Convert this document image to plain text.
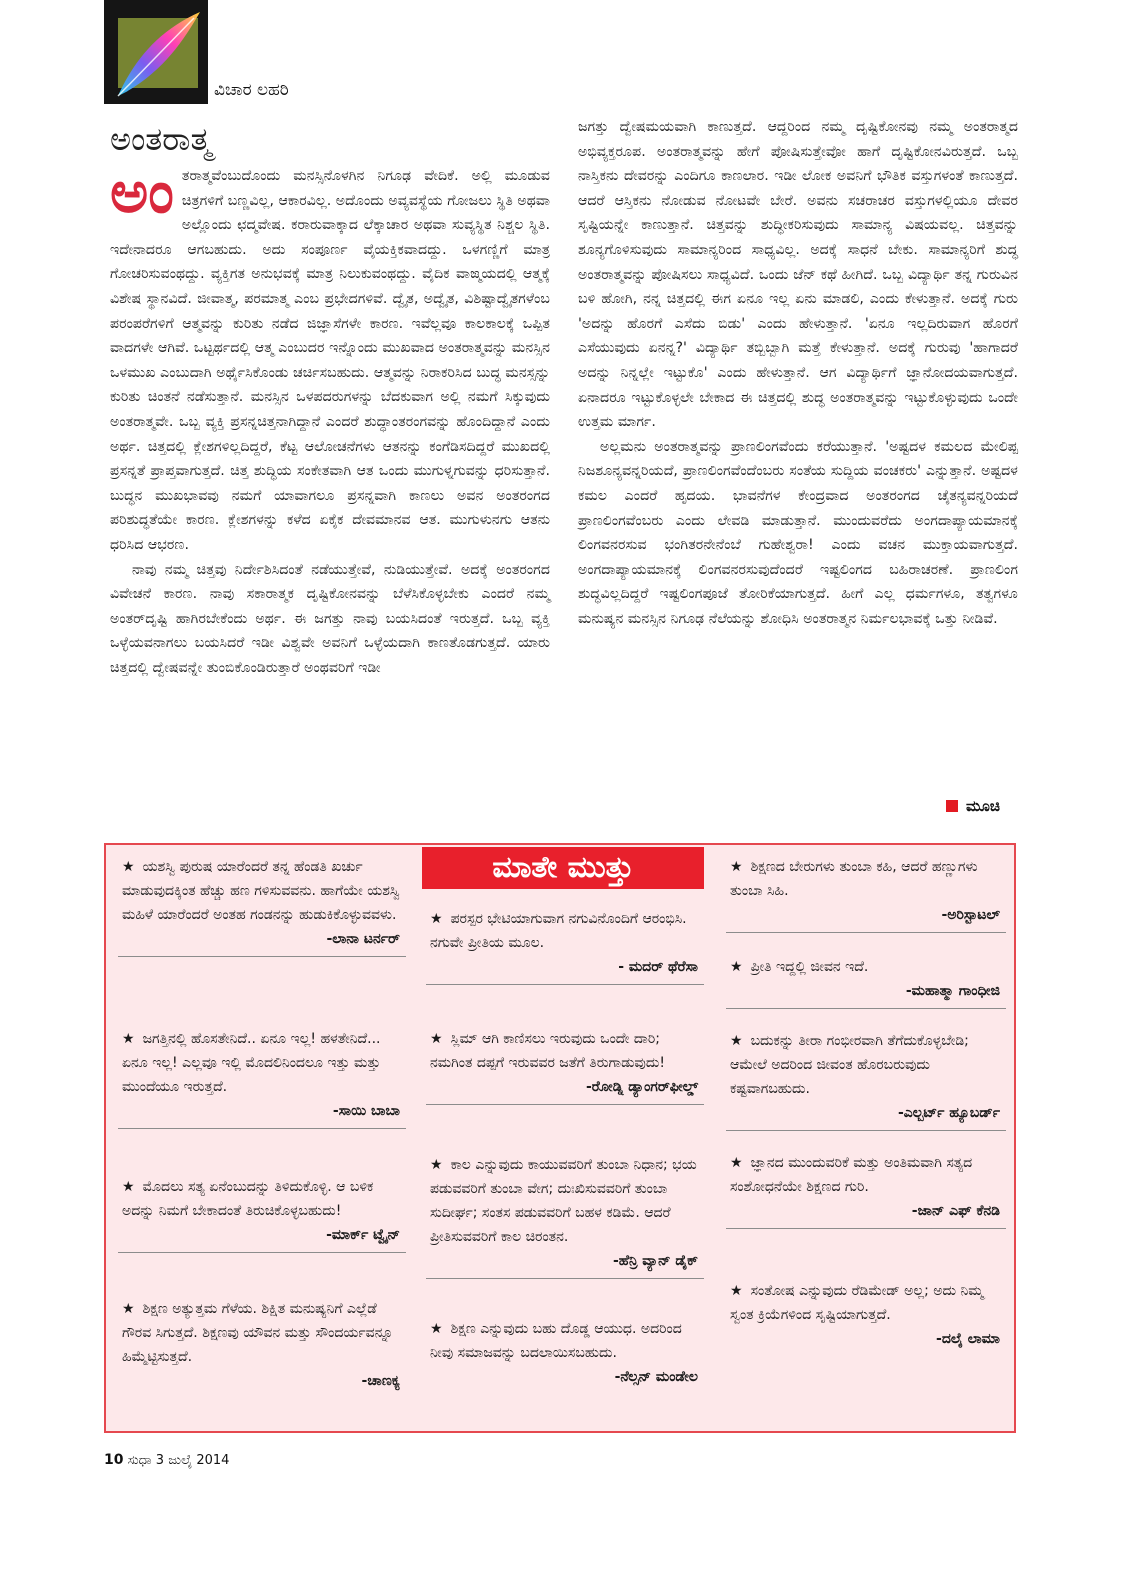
ವಿಚಾರ ಲಹರಿ
ಅಂತರಾತ್ಮ

ಅಂತರಾತ್ಮವೆಂಬುದೊಂದು ಮನಸ್ಸಿನೊಳಗಿನ ನಿಗೂಢ ವೇದಿಕೆ. ಅಲ್ಲಿ ಮೂಡುವ ಚಿತ್ರಗಳಿಗೆ ಬಣ್ಣವಿಲ್ಲ, ಆಕಾರವಿಲ್ಲ. ಅದೊಂದು ಅವ್ಯವಸ್ಥೆಯ ಗೋಜಲು ಸ್ಥಿತಿ ಅಥವಾ ಅಲ್ಲೊಂದು ಛದ್ಮವೇಷ. ಕರಾರುವಾಕ್ಕಾದ ಲೆಕ್ಕಾಚಾರ ಅಥವಾ ಸುವ್ಯಸ್ಥಿತ ನಿಶ್ಚಲ ಸ್ಥಿತಿ. ಇದೇನಾದರೂ ಆಗಬಹುದು. ಅದು ಸಂಪೂರ್ಣ ವೈಯಕ್ತಿಕವಾದದ್ದು. ಒಳಗಣ್ಣಿಗೆ ಮಾತ್ರ ಗೋಚರಿಸುವಂಥದ್ದು. ವ್ಯಕ್ತಿಗತ ಅನುಭವಕ್ಕೆ ಮಾತ್ರ ನಿಲುಕುವಂಥದ್ದು. ವೈದಿಕ ವಾಙ್ಮಯದಲ್ಲಿ ಆತ್ಮಕ್ಕೆ ವಿಶೇಷ ಸ್ಥಾನವಿದೆ. ಜೀವಾತ್ಮ, ಪರಮಾತ್ಮ ಎಂಬ ಪ್ರಭೇದಗಳಿವೆ. ದ್ವೈತ, ಅದ್ವೈತ, ವಿಶಿಷ್ಟಾದ್ವೈತಗಳೆಂಬ ಪರಂಪರೆಗಳಿಗೆ ಆತ್ಮವನ್ನು ಕುರಿತು ನಡೆದ ಜಿಜ್ಞಾಸೆಗಳೇ ಕಾರಣ. ಇವೆಲ್ಲವೂ ಕಾಲಕಾಲಕ್ಕೆ ಒಪ್ಪಿತ ವಾದಗಳೇ ಆಗಿವೆ. ಒಟ್ಟರ್ಥದಲ್ಲಿ ಆತ್ಮ ಎಂಬುದರ ಇನ್ನೊಂದು ಮುಖವಾದ ಅಂತರಾತ್ಮವನ್ನು ಮನಸ್ಸಿನ ಒಳಮುಖ ಎಂಬುದಾಗಿ ಅರ್ಥೈಸಿಕೊಂಡು ಚರ್ಚಿಸಬಹುದು. ಆತ್ಮವನ್ನು ನಿರಾಕರಿಸಿದ ಬುದ್ಧ ಮನಸ್ಸನ್ನು ಕುರಿತು ಚಿಂತನೆ ನಡೆಸುತ್ತಾನೆ. ಮನಸ್ಸಿನ ಒಳಪದರುಗಳನ್ನು ಬೆದಕುವಾಗ ಅಲ್ಲಿ ನಮಗೆ ಸಿಕ್ಕುವುದು ಅಂತರಾತ್ಮವೇ. ಒಬ್ಬ ವ್ಯಕ್ತಿ ಪ್ರಸನ್ನಚಿತ್ತನಾಗಿದ್ದಾನೆ ಎಂದರೆ ಶುದ್ಧಾಂತರಂಗವನ್ನು ಹೊಂದಿದ್ದಾನೆ ಎಂದು ಅರ್ಥ. ಚಿತ್ತದಲ್ಲಿ ಕ್ಲೇಶಗಳಿಲ್ಲದಿದ್ದರೆ, ಕೆಟ್ಟ ಆಲೋಚನೆಗಳು ಆತನನ್ನು ಕಂಗೆಡಿಸದಿದ್ದರೆ ಮುಖದಲ್ಲಿ ಪ್ರಸನ್ನತೆ ಪ್ರಾಪ್ತವಾಗುತ್ತದೆ. ಚಿತ್ತ ಶುದ್ಧಿಯ ಸಂಕೇತವಾಗಿ ಆತ ಒಂದು ಮುಗುಳ್ನಗುವನ್ನು ಧರಿಸುತ್ತಾನೆ. ಬುದ್ಧನ ಮುಖಭಾವವು ನಮಗೆ ಯಾವಾಗಲೂ ಪ್ರಸನ್ನವಾಗಿ ಕಾಣಲು ಅವನ ಅಂತರಂಗದ ಪರಿಶುದ್ಧತೆಯೇ ಕಾರಣ. ಕ್ಲೇಶಗಳನ್ನು ಕಳೆದ ಏಕೈಕ ದೇವಮಾನವ ಆತ. ಮುಗುಳುನಗು ಆತನು ಧರಿಸಿದ ಆಭರಣ.

ನಾವು ನಮ್ಮ ಚಿತ್ತವು ನಿರ್ದೇಶಿಸಿದಂತೆ ನಡೆಯುತ್ತೇವೆ, ನುಡಿಯುತ್ತೇವೆ. ಅದಕ್ಕೆ ಅಂತರಂಗದ ವಿವೇಚನೆ ಕಾರಣ. ನಾವು ಸಕಾರಾತ್ಮಕ ದೃಷ್ಟಿಕೋನವನ್ನು ಬೆಳೆಸಿಕೊಳ್ಳಬೇಕು ಎಂದರೆ ನಮ್ಮ ಅಂತರ್‌ದೃಷ್ಟಿ ಹಾಗಿರಬೇಕೆಂದು ಅರ್ಥ. ಈ ಜಗತ್ತು ನಾವು ಬಯಸಿದಂತೆ ಇರುತ್ತದೆ. ಒಬ್ಬ ವ್ಯಕ್ತಿ ಒಳ್ಳೆಯವನಾಗಲು ಬಯಸಿದರೆ ಇಡೀ ವಿಶ್ವವೇ ಅವನಿಗೆ ಒಳ್ಳೆಯದಾಗಿ ಕಾಣತೊಡಗುತ್ತದೆ. ಯಾರು ಚಿತ್ತದಲ್ಲಿ ದ್ವೇಷವನ್ನೇ ತುಂಬಿಕೊಂಡಿರುತ್ತಾರೆ ಅಂಥವರಿಗೆ ಇಡೀ

ಜಗತ್ತು ದ್ವೇಷಮಯವಾಗಿ ಕಾಣುತ್ತದೆ. ಆದ್ದರಿಂದ ನಮ್ಮ ದೃಷ್ಟಿಕೋನವು ನಮ್ಮ ಅಂತರಾತ್ಮದ ಅಭಿವ್ಯಕ್ತರೂಪ. ಅಂತರಾತ್ಮವನ್ನು ಹೇಗೆ ಪೋಷಿಸುತ್ತೇವೋ ಹಾಗೆ ದೃಷ್ಟಿಕೋನವಿರುತ್ತದೆ. ಒಬ್ಬ ನಾಸ್ತಿಕನು ದೇವರನ್ನು ಎಂದಿಗೂ ಕಾಣಲಾರ. ಇಡೀ ಲೋಕ ಅವನಿಗೆ ಭೌತಿಕ ವಸ್ತುಗಳಂತೆ ಕಾಣುತ್ತದೆ. ಆದರೆ ಆಸ್ತಿಕನು ನೋಡುವ ನೋಟವೇ ಬೇರೆ. ಅವನು ಸಚರಾಚರ ವಸ್ತುಗಳಲ್ಲಿಯೂ ದೇವರ ಸೃಷ್ಟಿಯನ್ನೇ ಕಾಣುತ್ತಾನೆ. ಚಿತ್ತವನ್ನು ಶುದ್ಧೀಕರಿಸುವುದು ಸಾಮಾನ್ಯ ವಿಷಯವಲ್ಲ. ಚಿತ್ತವನ್ನು ಶೂನ್ಯಗೊಳಿಸುವುದು ಸಾಮಾನ್ಯರಿಂದ ಸಾಧ್ಯವಿಲ್ಲ. ಅದಕ್ಕೆ ಸಾಧನೆ ಬೇಕು. ಸಾಮಾನ್ಯರಿಗೆ ಶುದ್ಧ ಅಂತರಾತ್ಮವನ್ನು ಪೋಷಿಸಲು ಸಾಧ್ಯವಿದೆ. ಒಂದು ಜೆನ್ ಕಥೆ ಹೀಗಿದೆ. ಒಬ್ಬ ವಿದ್ಯಾರ್ಥಿ ತನ್ನ ಗುರುವಿನ ಬಳಿ ಹೋಗಿ, ನನ್ನ ಚಿತ್ತದಲ್ಲಿ ಈಗ ಏನೂ ಇಲ್ಲ ಏನು ಮಾಡಲಿ, ಎಂದು ಕೇಳುತ್ತಾನೆ. ಅದಕ್ಕೆ ಗುರು 'ಅದನ್ನು ಹೊರಗೆ ಎಸೆದು ಬಿಡು' ಎಂದು ಹೇಳುತ್ತಾನೆ. 'ಏನೂ ಇಲ್ಲದಿರುವಾಗ ಹೊರಗೆ ಎಸೆಯುವುದು ಏನನ್ನ?' ವಿದ್ಯಾರ್ಥಿ ತಬ್ಬಿಬ್ಬಾಗಿ ಮತ್ತೆ ಕೇಳುತ್ತಾನೆ. ಅದಕ್ಕೆ ಗುರುವು 'ಹಾಗಾದರೆ ಅದನ್ನು ನಿನ್ನಲ್ಲೇ ಇಟ್ಟುಕೊ' ಎಂದು ಹೇಳುತ್ತಾನೆ. ಆಗ ವಿದ್ಯಾರ್ಥಿಗೆ ಜ್ಞಾನೋದಯವಾಗುತ್ತದೆ. ಏನಾದರೂ ಇಟ್ಟುಕೊಳ್ಳಲೇ ಬೇಕಾದ ಈ ಚಿತ್ತದಲ್ಲಿ ಶುದ್ಧ ಅಂತರಾತ್ಮವನ್ನು ಇಟ್ಟುಕೊಳ್ಳುವುದು ಒಂದೇ ಉತ್ತಮ ಮಾರ್ಗ.

ಅಲ್ಲಮನು ಅಂತರಾತ್ಮವನ್ನು ಪ್ರಾಣಲಿಂಗವೆಂದು ಕರೆಯುತ್ತಾನೆ. 'ಅಷ್ಟದಳ ಕಮಲದ ಮೇಲಿಪ್ಪ ನಿಜಶೂನ್ಯವನ್ನರಿಯದೆ, ಪ್ರಾಣಲಿಂಗವೆಂದೆಂಬರು ಸಂತೆಯ ಸುದ್ದಿಯ ವಂಚಕರು' ಎನ್ನುತ್ತಾನೆ. ಅಷ್ಟದಳ ಕಮಲ ಎಂದರೆ ಹೃದಯ. ಭಾವನೆಗಳ ಕೇಂದ್ರವಾದ ಅಂತರಂಗದ ಚೈತನ್ಯವನ್ನರಿಯದೆ ಪ್ರಾಣಲಿಂಗವೆಂಬರು ಎಂದು ಲೇವಡಿ ಮಾಡುತ್ತಾನೆ. ಮುಂದುವರೆದು ಅಂಗದಾಪ್ಯಾಯಮಾನಕ್ಕೆ ಲಿಂಗವನರಸುವ ಭಂಗಿತರನೇನೆಂಬೆ ಗುಹೇಶ್ವರಾ! ಎಂದು ವಚನ ಮುಕ್ತಾಯವಾಗುತ್ತದೆ. ಅಂಗದಾಪ್ಯಾಯಮಾನಕ್ಕೆ ಲಿಂಗವನರಸುವುದೆಂದರೆ ಇಷ್ಟಲಿಂಗದ ಬಹಿರಾಚರಣೆ. ಪ್ರಾಣಲಿಂಗ ಶುದ್ಧವಿಲ್ಲದಿದ್ದರೆ ಇಷ್ಟಲಿಂಗಪೂಜೆ ತೋರಿಕೆಯಾಗುತ್ತದೆ. ಹೀಗೆ ಎಲ್ಲ ಧರ್ಮಗಳೂ, ತತ್ವಗಳೂ ಮನುಷ್ಯನ ಮನಸ್ಸಿನ ನಿಗೂಢ ನೆಲೆಯನ್ನು ಶೋಧಿಸಿ ಅಂತರಾತ್ಮನ ನಿರ್ಮಲಭಾವಕ್ಕೆ ಒತ್ತು ನೀಡಿವೆ.

ಮೂಚಿ
ಮಾತೇ ಮುತ್ತು
★ ಯಶಸ್ವಿ ಪುರುಷ ಯಾರೆಂದರೆ ತನ್ನ ಹೆಂಡತಿ ಖರ್ಚು ಮಾಡುವುದಕ್ಕಿಂತ ಹೆಚ್ಚು ಹಣ ಗಳಿಸುವವನು. ಹಾಗೆಯೇ ಯಶಸ್ವಿ ಮಹಿಳೆ ಯಾರೆಂದರೆ ಅಂತಹ ಗಂಡನನ್ನು ಹುಡುಕಿಕೊಳ್ಳುವವಳು.
-ಲಾನಾ ಟರ್ನರ್
★ ಜಗತ್ತಿನಲ್ಲಿ ಹೊಸತೇನಿದೆ.. ಏನೂ ಇಲ್ಲ! ಹಳತೇನಿದೆ... ಏನೂ ಇಲ್ಲ! ಎಲ್ಲವೂ ಇಲ್ಲಿ ಮೊದಲಿನಿಂದಲೂ ಇತ್ತು ಮತ್ತು ಮುಂದೆಯೂ ಇರುತ್ತದೆ.
-ಸಾಯಿ ಬಾಬಾ
★ ಮೊದಲು ಸತ್ಯ ಏನೆಂಬುದನ್ನು ತಿಳಿದುಕೊಳ್ಳಿ. ಆ ಬಳಿಕ ಅದನ್ನು ನಿಮಗೆ ಬೇಕಾದಂತೆ ತಿರುಚಿಕೊಳ್ಳಬಹುದು!
-ಮಾರ್ಕ್ ಟ್ವೈನ್
★ ಶಿಕ್ಷಣ ಅತ್ಯುತ್ತಮ ಗೆಳೆಯ. ಶಿಕ್ಷಿತ ಮನುಷ್ಯನಿಗೆ ಎಲ್ಲೆಡೆ ಗೌರವ ಸಿಗುತ್ತದೆ. ಶಿಕ್ಷಣವು ಯೌವನ ಮತ್ತು ಸೌಂದರ್ಯವನ್ನೂ ಹಿಮ್ಮೆಟ್ಟಿಸುತ್ತದೆ.
-ಚಾಣಕ್ಯ
★ ಪರಸ್ಪರ ಭೇಟಿಯಾಗುವಾಗ ನಗುವಿನೊಂದಿಗೆ ಆರಂಭಿಸಿ. ನಗುವೇ ಪ್ರೀತಿಯ ಮೂಲ.
- ಮದರ್ ಥೆರೆಸಾ
★ ಸ್ಲಿಮ್ ಆಗಿ ಕಾಣಿಸಲು ಇರುವುದು ಒಂದೇ ದಾರಿ; ನಮಗಿಂತ ದಪ್ಪಗೆ ಇರುವವರ ಜತೆಗೆ ತಿರುಗಾಡುವುದು!
-ರೋಡ್ನಿ ಡ್ಯಾಂಗರ್‌ಫೀಲ್ಡ್
★ ಕಾಲ ಎನ್ನುವುದು ಕಾಯುವವರಿಗೆ ತುಂಬಾ ನಿಧಾನ; ಭಯ ಪಡುವವರಿಗೆ ತುಂಬಾ ವೇಗ; ದುಃಖಿಸುವವರಿಗೆ ತುಂಬಾ ಸುದೀರ್ಘ; ಸಂತಸ ಪಡುವವರಿಗೆ ಬಹಳ ಕಡಿಮೆ. ಆದರೆ ಪ್ರೀತಿಸುವವರಿಗೆ ಕಾಲ ಚಿರಂತನ.
-ಹೆನ್ರಿ ವ್ಯಾನ್ ಡೈಕ್
★ ಶಿಕ್ಷಣ ಎನ್ನುವುದು ಬಹು ದೊಡ್ಡ ಆಯುಧ. ಅದರಿಂದ ನೀವು ಸಮಾಜವನ್ನು ಬದಲಾಯಿಸಬಹುದು.
-ನೆಲ್ಸನ್ ಮಂಡೇಲ
★ ಶಿಕ್ಷಣದ ಬೇರುಗಳು ತುಂಬಾ ಕಹಿ, ಆದರೆ ಹಣ್ಣುಗಳು ತುಂಬಾ ಸಿಹಿ.
-ಅರಿಸ್ಟಾಟಲ್
★ ಪ್ರೀತಿ ಇದ್ದಲ್ಲಿ ಜೀವನ ಇದೆ.
-ಮಹಾತ್ಮಾ ಗಾಂಧೀಜಿ
★ ಬದುಕನ್ನು ತೀರಾ ಗಂಭೀರವಾಗಿ ತೆಗೆದುಕೊಳ್ಳಬೇಡಿ; ಆಮೇಲೆ ಅದರಿಂದ ಜೀವಂತ ಹೊರಬರುವುದು ಕಷ್ಟವಾಗಬಹುದು.
-ಎಲ್ಬರ್ಟ್ ಹ್ಯೂಬರ್ಡ್
★ ಜ್ಞಾನದ ಮುಂದುವರಿಕೆ ಮತ್ತು ಅಂತಿಮವಾಗಿ ಸತ್ಯದ ಸಂಶೋಧನೆಯೇ ಶಿಕ್ಷಣದ ಗುರಿ.
-ಜಾನ್ ಎಫ್ ಕೆನಡಿ
★ ಸಂತೋಷ ಎನ್ನುವುದು ರೆಡಿಮೇಡ್ ಅಲ್ಲ; ಅದು ನಿಮ್ಮ ಸ್ವಂತ ಕ್ರಿಯೆಗಳಿಂದ ಸೃಷ್ಟಿಯಾಗುತ್ತದೆ.
-ದಲೈ ಲಾಮಾ
10 ಸುಧಾ 3 ಜುಲೈ 2014
